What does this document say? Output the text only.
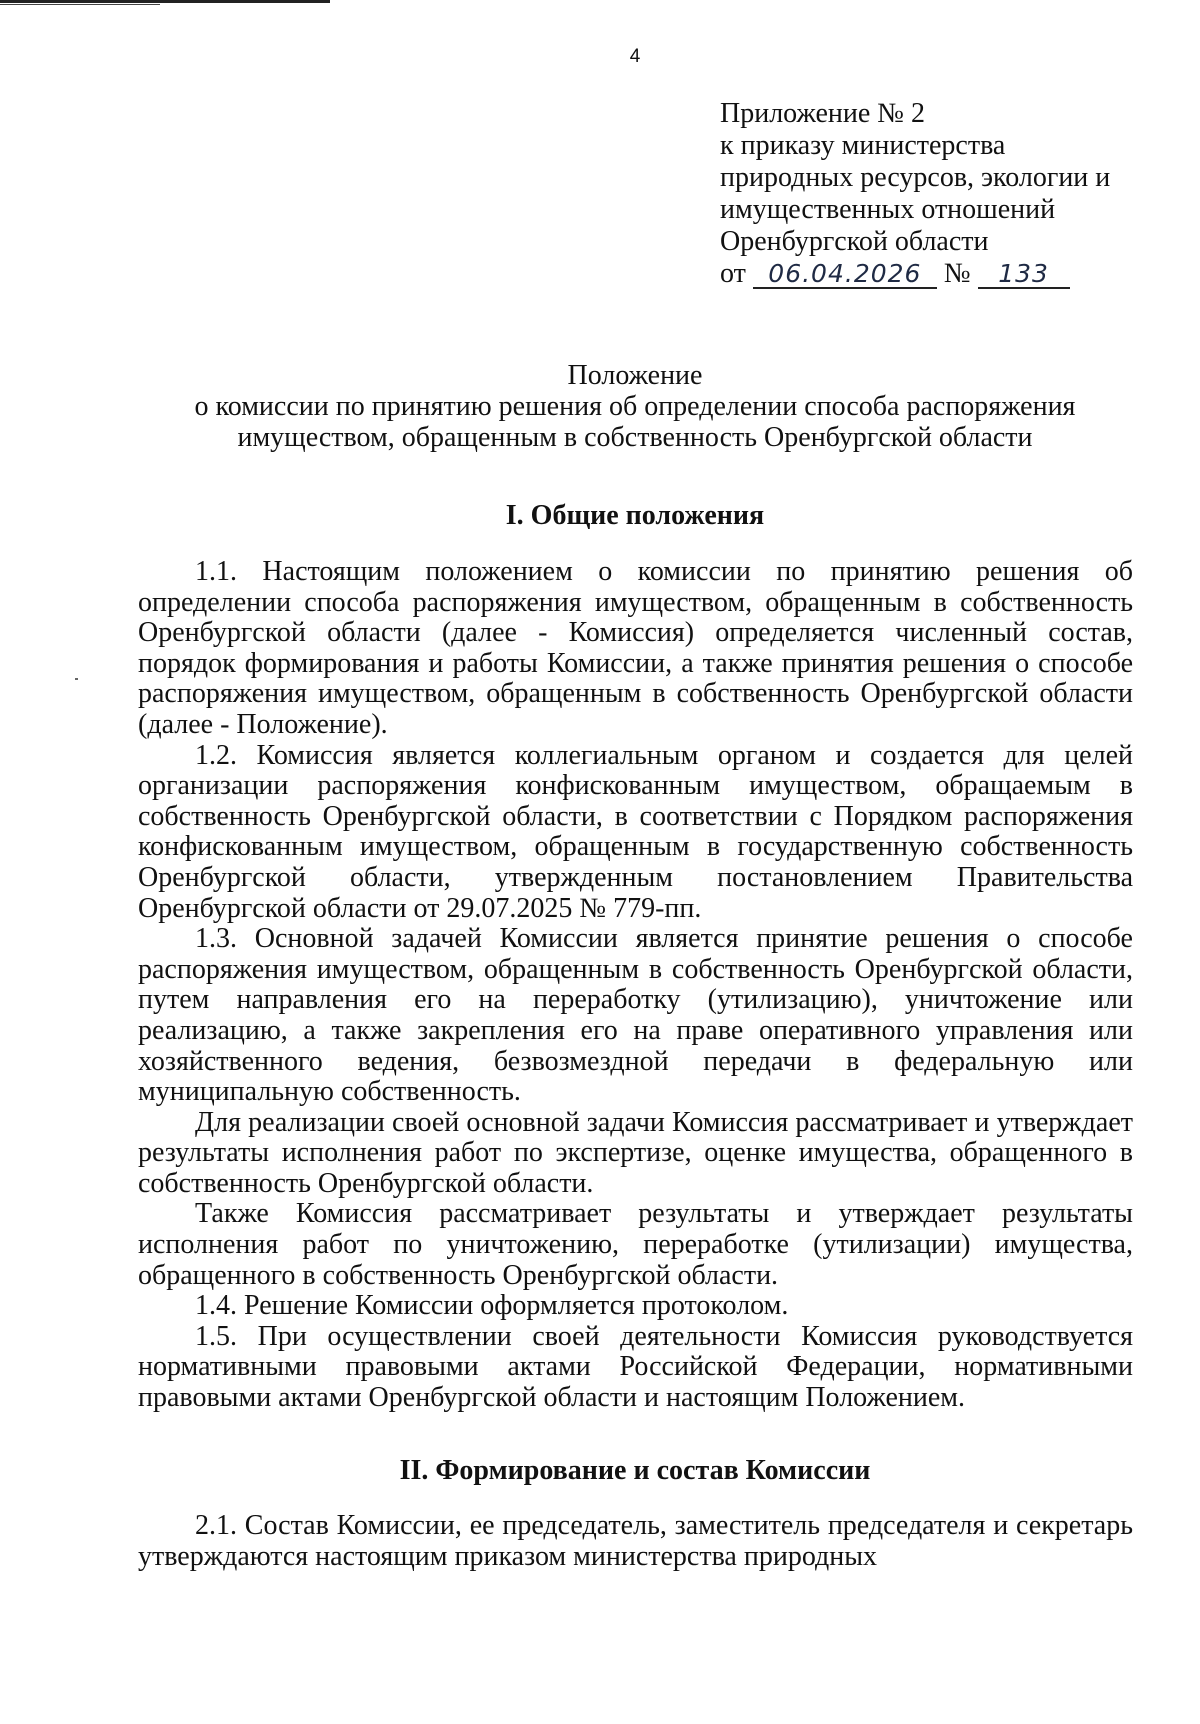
4
Приложение № 2
к приказу министерства
природных ресурсов, экологии и
имущественных отношений
Оренбургской области
от 06.04.2026 № 133
Положение
о комиссии по принятию решения об определении способа распоряжения
имуществом, обращенным в собственность Оренбургской области
I. Общие положения

1.1. Настоящим положением о комиссии по принятию решения об определении способа распоряжения имуществом, обращенным в собственность Оренбургской области (далее - Комиссия) определяется численный состав, порядок формирования и работы Комиссии, а также принятия решения о способе распоряжения имуществом, обращенным в собственность Оренбургской области (далее - Положение).

1.2. Комиссия является коллегиальным органом и создается для целей организации распоряжения конфискованным имуществом, обращаемым в собственность Оренбургской области, в соответствии с Порядком распоряжения конфискованным имуществом, обращенным в государственную собственность Оренбургской области, утвержденным постановлением Правительства Оренбургской области от 29.07.2025 № 779-пп.

1.3. Основной задачей Комиссии является принятие решения о способе распоряжения имуществом, обращенным в собственность Оренбургской области, путем направления его на переработку (утилизацию), уничтожение или реализацию, а также закрепления его на праве оперативного управления или хозяйственного ведения, безвозмездной передачи в федеральную или муниципальную собственность.

Для реализации своей основной задачи Комиссия рассматривает и утверждает результаты исполнения работ по экспертизе, оценке имущества, обращенного в собственность Оренбургской области.

Также Комиссия рассматривает результаты и утверждает результаты исполнения работ по уничтожению, переработке (утилизации) имущества, обращенного в собственность Оренбургской области.

1.4. Решение Комиссии оформляется протоколом.

1.5. При осуществлении своей деятельности Комиссия руководствуется нормативными правовыми актами Российской Федерации, нормативными правовыми актами Оренбургской области и настоящим Положением.

II. Формирование и состав Комиссии

2.1. Состав Комиссии, ее председатель, заместитель председателя и секретарь утверждаются настоящим приказом министерства природных
